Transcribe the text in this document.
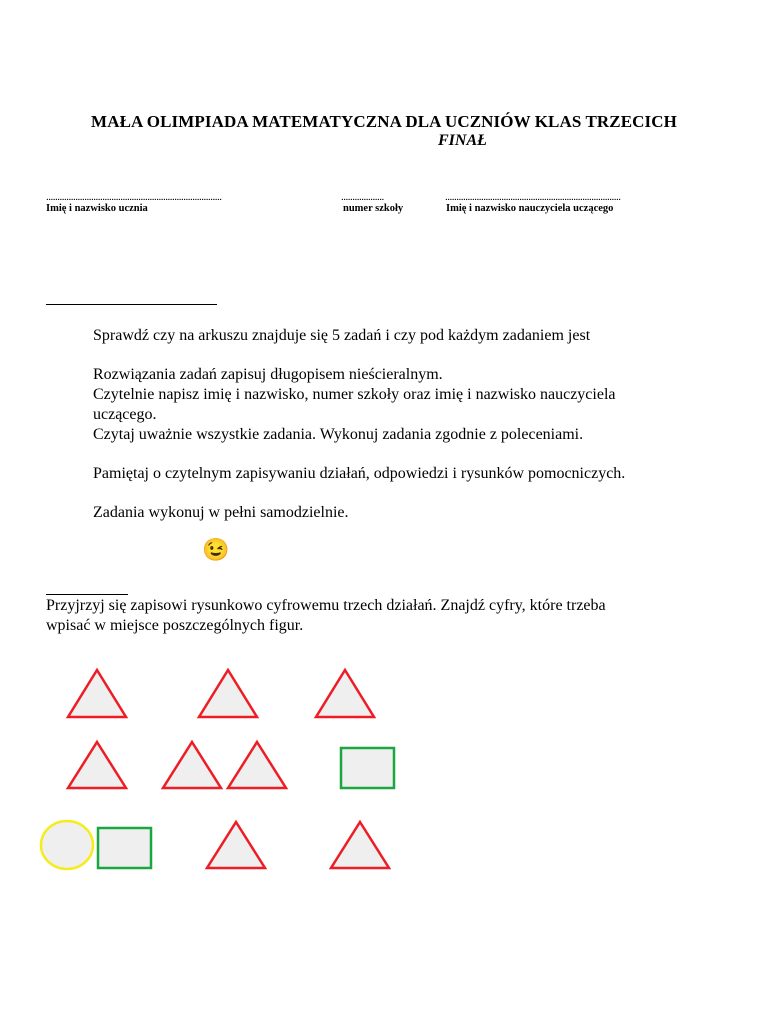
MAŁA OLIMPIADA MATEMATYCZNA DLA UCZNIÓW KLAS TRZECICH
FINAŁ
..............................................................................
Imię i nazwisko ucznia
...................
numer szkoły
..............................................................................
Imię i nazwisko nauczyciela uczącego
Sprawdź czy na arkuszu znajduje się 5 zadań i czy pod każdym zadaniem jest
Rozwiązania zadań zapisuj długopisem nieścieralnym.
Czytelnie napisz imię i nazwisko, numer szkoły oraz imię i nazwisko nauczyciela
uczącego.
Czytaj uważnie wszystkie zadania. Wykonuj zadania zgodnie z poleceniami.
Pamiętaj o czytelnym zapisywaniu działań, odpowiedzi i rysunków pomocniczych.
Zadania wykonuj w pełni samodzielnie.
😉
Przyjrzyj się zapisowi rysunkowo cyfrowemu trzech działań. Znajdź cyfry, które trzeba
wpisać w miejsce poszczególnych figur.
